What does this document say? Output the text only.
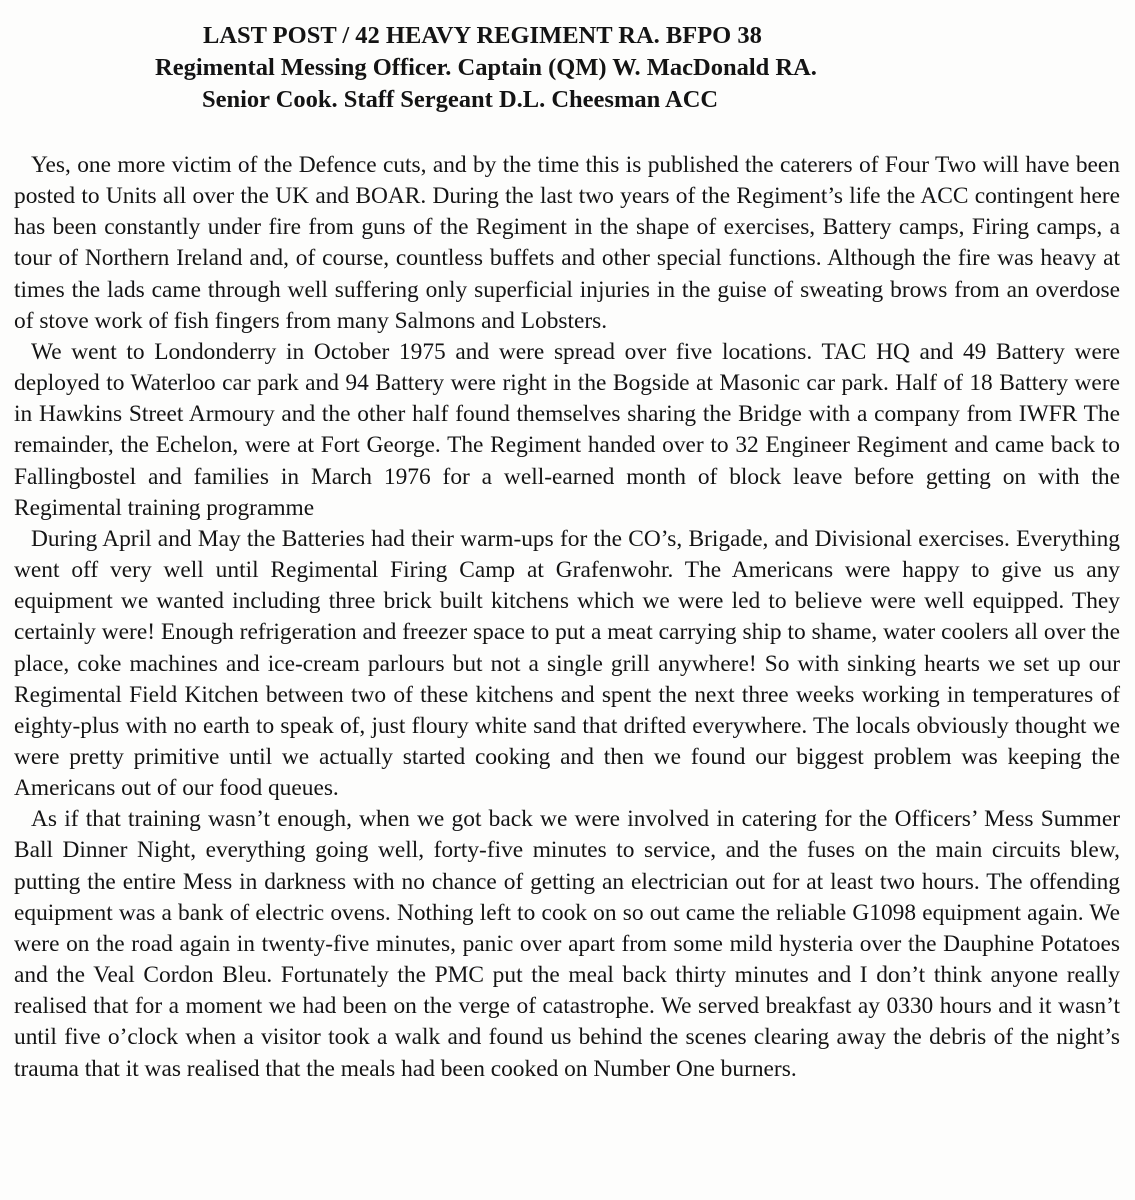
LAST POST / 42 HEAVY REGIMENT RA. BFPO 38
Regimental Messing Officer. Captain (QM) W. MacDonald RA.
Senior Cook. Staff Sergeant D.L. Cheesman ACC

Yes, one more victim of the Defence cuts, and by the time this is published the caterers of Four Two will have been posted to Units all over the UK and BOAR. During the last two years of the Regiment’s life the ACC contingent here has been constantly under fire from guns of the Regiment in the shape of exercises, Battery camps, Firing camps, a tour of Northern Ireland and, of course, countless buffets and other special functions. Although the fire was heavy at times the lads came through well suffering only superficial injuries in the guise of sweating brows from an overdose of stove work of fish fingers from many Salmons and Lobsters.

We went to Londonderry in October 1975 and were spread over five locations. TAC HQ and 49 Battery were deployed to Waterloo car park and 94 Battery were right in the Bogside at Masonic car park. Half of 18 Battery were in Hawkins Street Armoury and the other half found themselves sharing the Bridge with a company from IWFR The remainder, the Echelon, were at Fort George. The Regiment handed over to 32 Engineer Regiment and came back to Fallingbostel and families in March 1976 for a well-earned month of block leave before getting on with the Regimental training programme

During April and May the Batteries had their warm-ups for the CO’s, Brigade, and Divisional exercises. Everything went off very well until Regimental Firing Camp at Grafenwohr. The Americans were happy to give us any equipment we wanted including three brick built kitchens which we were led to believe were well equipped. They certainly were! Enough refrigeration and freezer space to put a meat carrying ship to shame, water coolers all over the place, coke machines and ice-cream parlours but not a single grill anywhere! So with sinking hearts we set up our Regimental Field Kitchen between two of these kitchens and spent the next three weeks working in temperatures of eighty-plus with no earth to speak of, just floury white sand that drifted everywhere. The locals obviously thought we were pretty primitive until we actually started cooking and then we found our biggest problem was keeping the Americans out of our food queues.

As if that training wasn’t enough, when we got back we were involved in catering for the Officers’ Mess Summer Ball Dinner Night, everything going well, forty-five minutes to service, and the fuses on the main circuits blew, putting the entire Mess in darkness with no chance of getting an electrician out for at least two hours. The offending equipment was a bank of electric ovens. Nothing left to cook on so out came the reliable G1098 equipment again. We were on the road again in twenty-five minutes, panic over apart from some mild hysteria over the Dauphine Potatoes and the Veal Cordon Bleu. Fortunately the PMC put the meal back thirty minutes and I don’t think anyone really realised that for a moment we had been on the verge of catastrophe. We served breakfast ay 0330 hours and it wasn’t until five o’clock when a visitor took a walk and found us behind the scenes clearing away the debris of the night’s trauma that it was realised that the meals had been cooked on Number One burners.
